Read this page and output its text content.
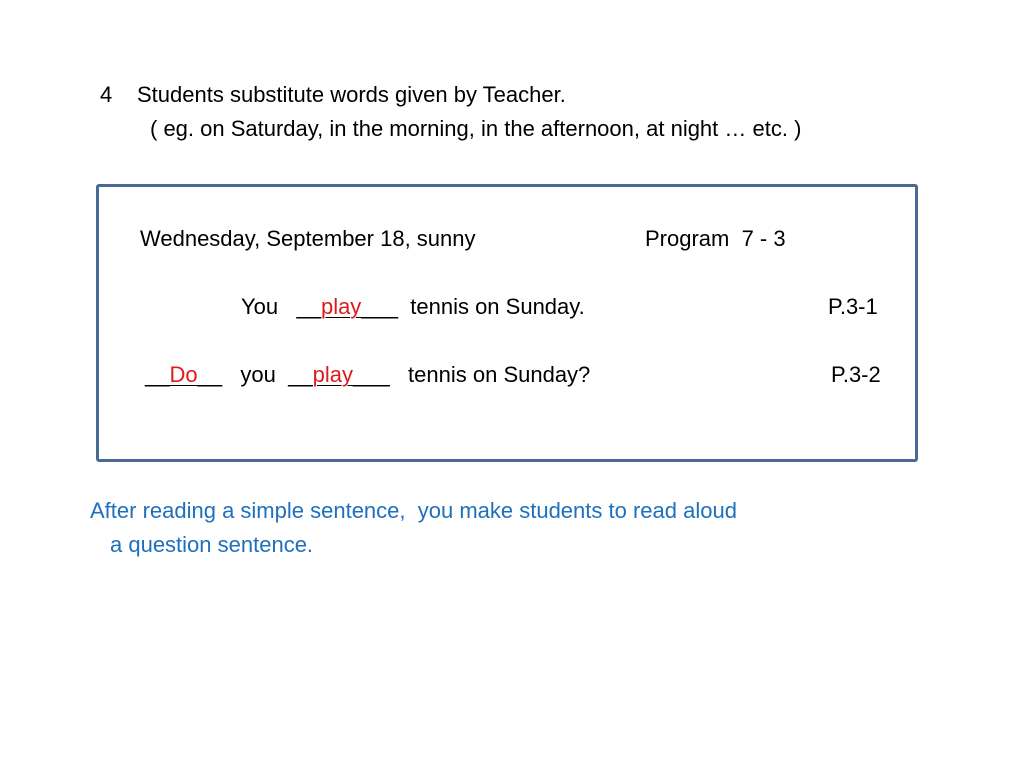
4 Students substitute words given by Teacher.
( eg. on Saturday, in the morning, in the afternoon, at night … etc. )
Wednesday, September 18, sunny	Program  7 - 3
You   __play___  tennis on Sunday.	P.3-1
__Do__   you  __play___   tennis on Sunday?	P.3-2
After reading a simple sentence,  you make students to read aloud
a question sentence.
